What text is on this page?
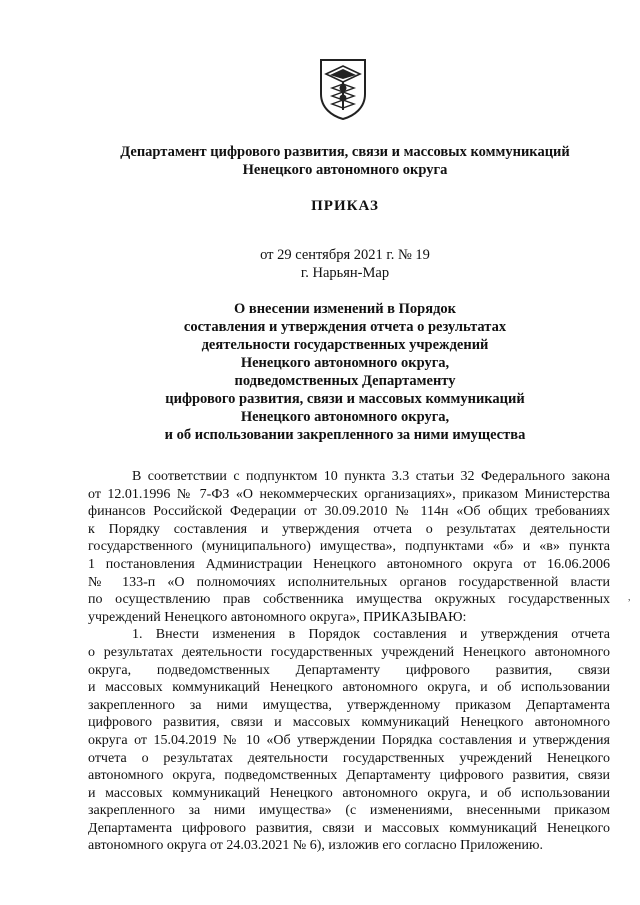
Департамент цифрового развития, связи и массовых коммуникаций
Ненецкого автономного округа
ПРИКАЗ
от 29 сентября 2021 г. № 19
г. Нарьян-Мар
О внесении изменений в Порядок
составления и утверждения отчета о результатах
деятельности государственных учреждений
Ненецкого автономного округа,
подведомственных Департаменту
цифрового развития, связи и массовых коммуникаций
Ненецкого автономного округа,
и об использовании закрепленного за ними имущества
В соответствии с подпунктом 10 пункта 3.3 статьи 32 Федерального закона
от 12.01.1996 № 7-ФЗ «О некоммерческих организациях», приказом Министерства
финансов Российской Федерации от 30.09.2010 № 114н «Об общих требованиях
к Порядку составления и утверждения отчета о результатах деятельности
государственного (муниципального) имущества», подпунктами «б» и «в» пункта
1 постановления Администрации Ненецкого автономного округа от 16.06.2006
№ 133-п «О полномочиях исполнительных органов государственной власти
по осуществлению прав собственника имущества окружных государственных
учреждений Ненецкого автономного округа», ПРИКАЗЫВАЮ:
1. Внести изменения в Порядок составления и утверждения отчета
о результатах деятельности государственных учреждений Ненецкого автономного
округа, подведомственных Департаменту цифрового развития, связи
и массовых коммуникаций Ненецкого автономного округа, и об использовании
закрепленного за ними имущества, утвержденному приказом Департамента
цифрового развития, связи и массовых коммуникаций Ненецкого автономного
округа от 15.04.2019 № 10 «Об утверждении Порядка составления и утверждения
отчета о результатах деятельности государственных учреждений Ненецкого
автономного округа, подведомственных Департаменту цифрового развития, связи
и массовых коммуникаций Ненецкого автономного округа, и об использовании
закрепленного за ними имущества» (с изменениями, внесенными приказом
Департамента цифрового развития, связи и массовых коммуникаций Ненецкого
автономного округа от 24.03.2021 № 6), изложив его согласно Приложению.
,
